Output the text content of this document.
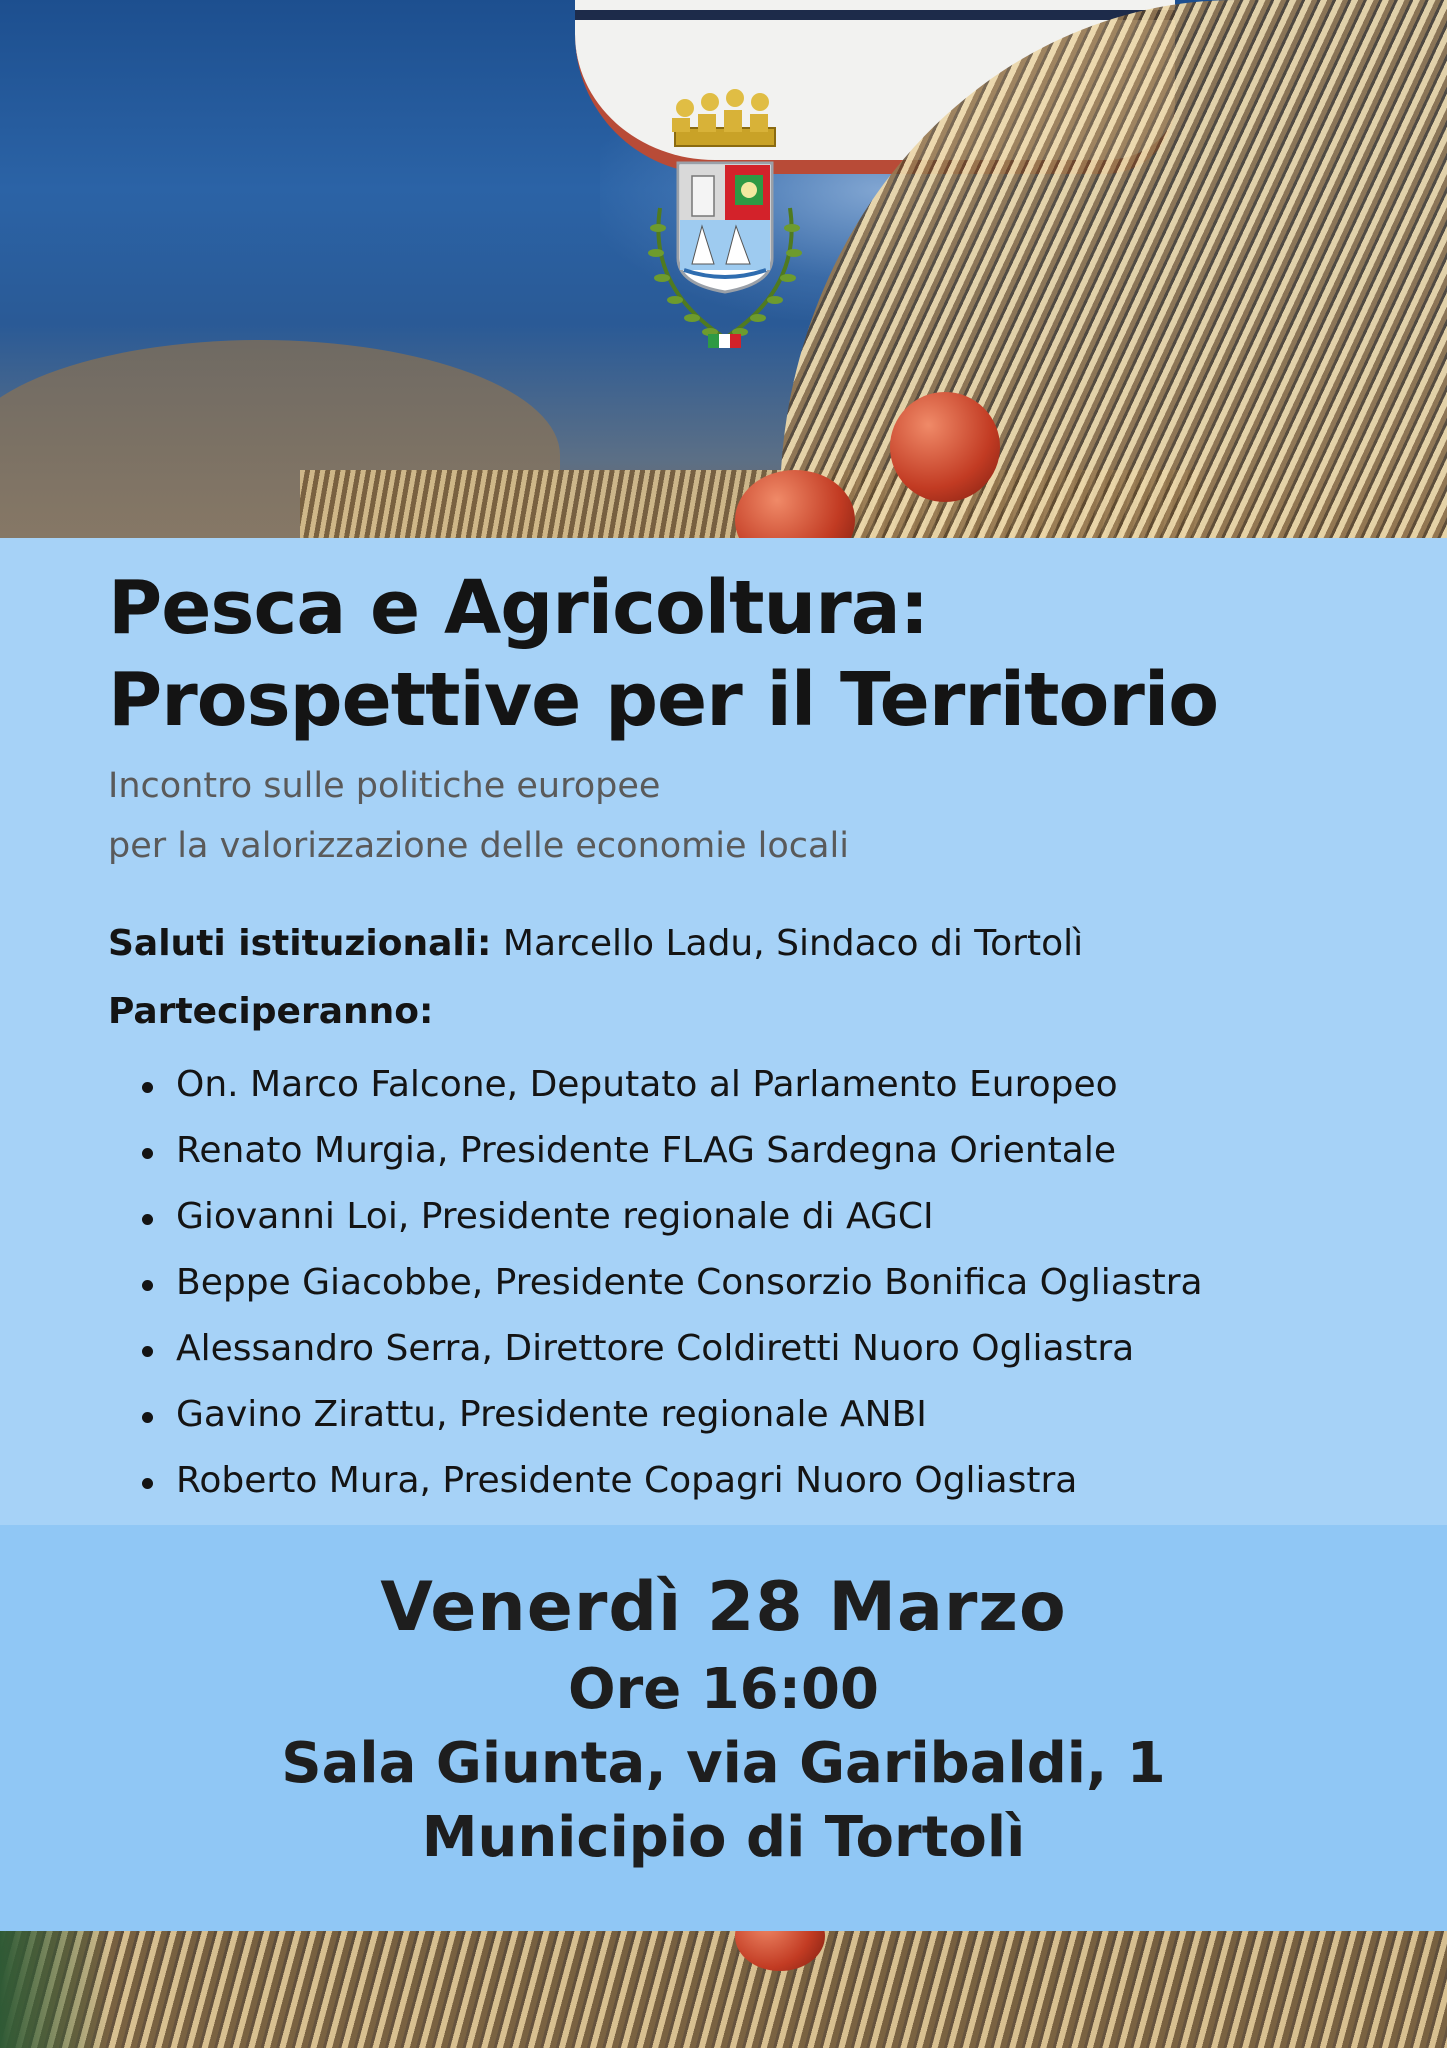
Pesca e Agricoltura:
Prospettive per il Territorio
Incontro sulle politiche europee
per la valorizzazione delle economie locali
Saluti istituzionali: Marcello Ladu, Sindaco di Tortolì
Parteciperanno:
On. Marco Falcone, Deputato al Parlamento Europeo
Renato Murgia, Presidente FLAG Sardegna Orientale
Giovanni Loi, Presidente regionale di AGCI
Beppe Giacobbe, Presidente Consorzio Bonifica Ogliastra
Alessandro Serra, Direttore Coldiretti Nuoro Ogliastra
Gavino Zirattu, Presidente regionale ANBI
Roberto Mura, Presidente Copagri Nuoro Ogliastra
Venerdì 28 Marzo
Ore 16:00
Sala Giunta, via Garibaldi, 1
Municipio di Tortolì
